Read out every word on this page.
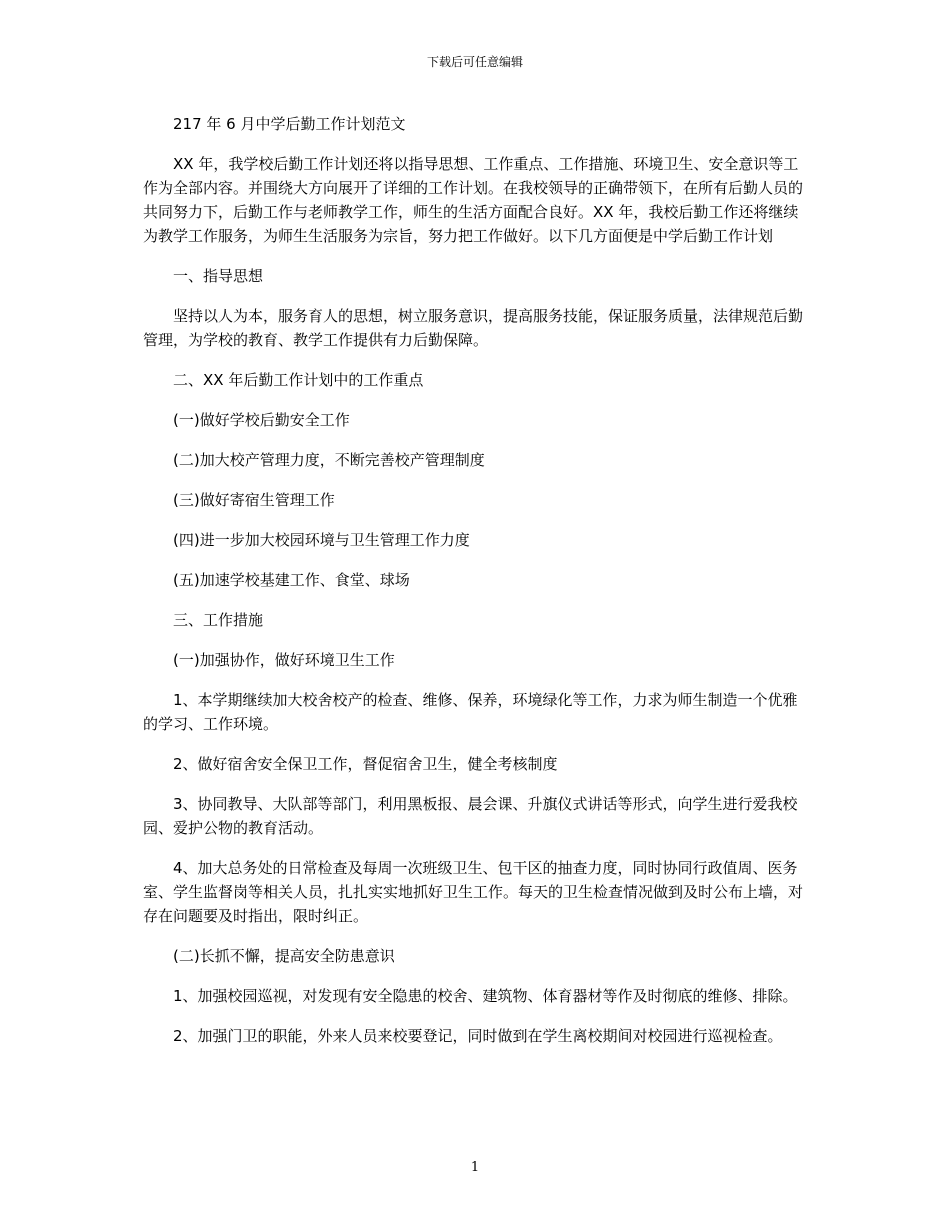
下载后可任意编辑

217 年 6 月中学后勤工作计划范文

XX 年，我学校后勤工作计划还将以指导思想、工作重点、工作措施、环境卫生、安全意识等工作为全部内容。并围绕大方向展开了详细的工作计划。在我校领导的正确带领下，在所有后勤人员的共同努力下，后勤工作与老师教学工作，师生的生活方面配合良好。XX 年，我校后勤工作还将继续为教学工作服务，为师生生活服务为宗旨，努力把工作做好。以下几方面便是中学后勤工作计划

一、指导思想

坚持以人为本，服务育人的思想，树立服务意识，提高服务技能，保证服务质量，法律规范后勤管理，为学校的教育、教学工作提供有力后勤保障。

二、XX 年后勤工作计划中的工作重点

(一)做好学校后勤安全工作

(二)加大校产管理力度，不断完善校产管理制度

(三)做好寄宿生管理工作

(四)进一步加大校园环境与卫生管理工作力度

(五)加速学校基建工作、食堂、球场

三、工作措施

(一)加强协作，做好环境卫生工作

1、本学期继续加大校舍校产的检查、维修、保养，环境绿化等工作，力求为师生制造一个优雅的学习、工作环境。

2、做好宿舍安全保卫工作，督促宿舍卫生，健全考核制度

3、协同教导、大队部等部门，利用黑板报、晨会课、升旗仪式讲话等形式，向学生进行爱我校园、爱护公物的教育活动。

4、加大总务处的日常检查及每周一次班级卫生、包干区的抽查力度，同时协同行政值周、医务室、学生监督岗等相关人员，扎扎实实地抓好卫生工作。每天的卫生检查情况做到及时公布上墙，对存在问题要及时指出，限时纠正。

(二)长抓不懈，提高安全防患意识

1、加强校园巡视，对发现有安全隐患的校舍、建筑物、体育器材等作及时彻底的维修、排除。

2、加强门卫的职能，外来人员来校要登记，同时做到在学生离校期间对校园进行巡视检查。

1
